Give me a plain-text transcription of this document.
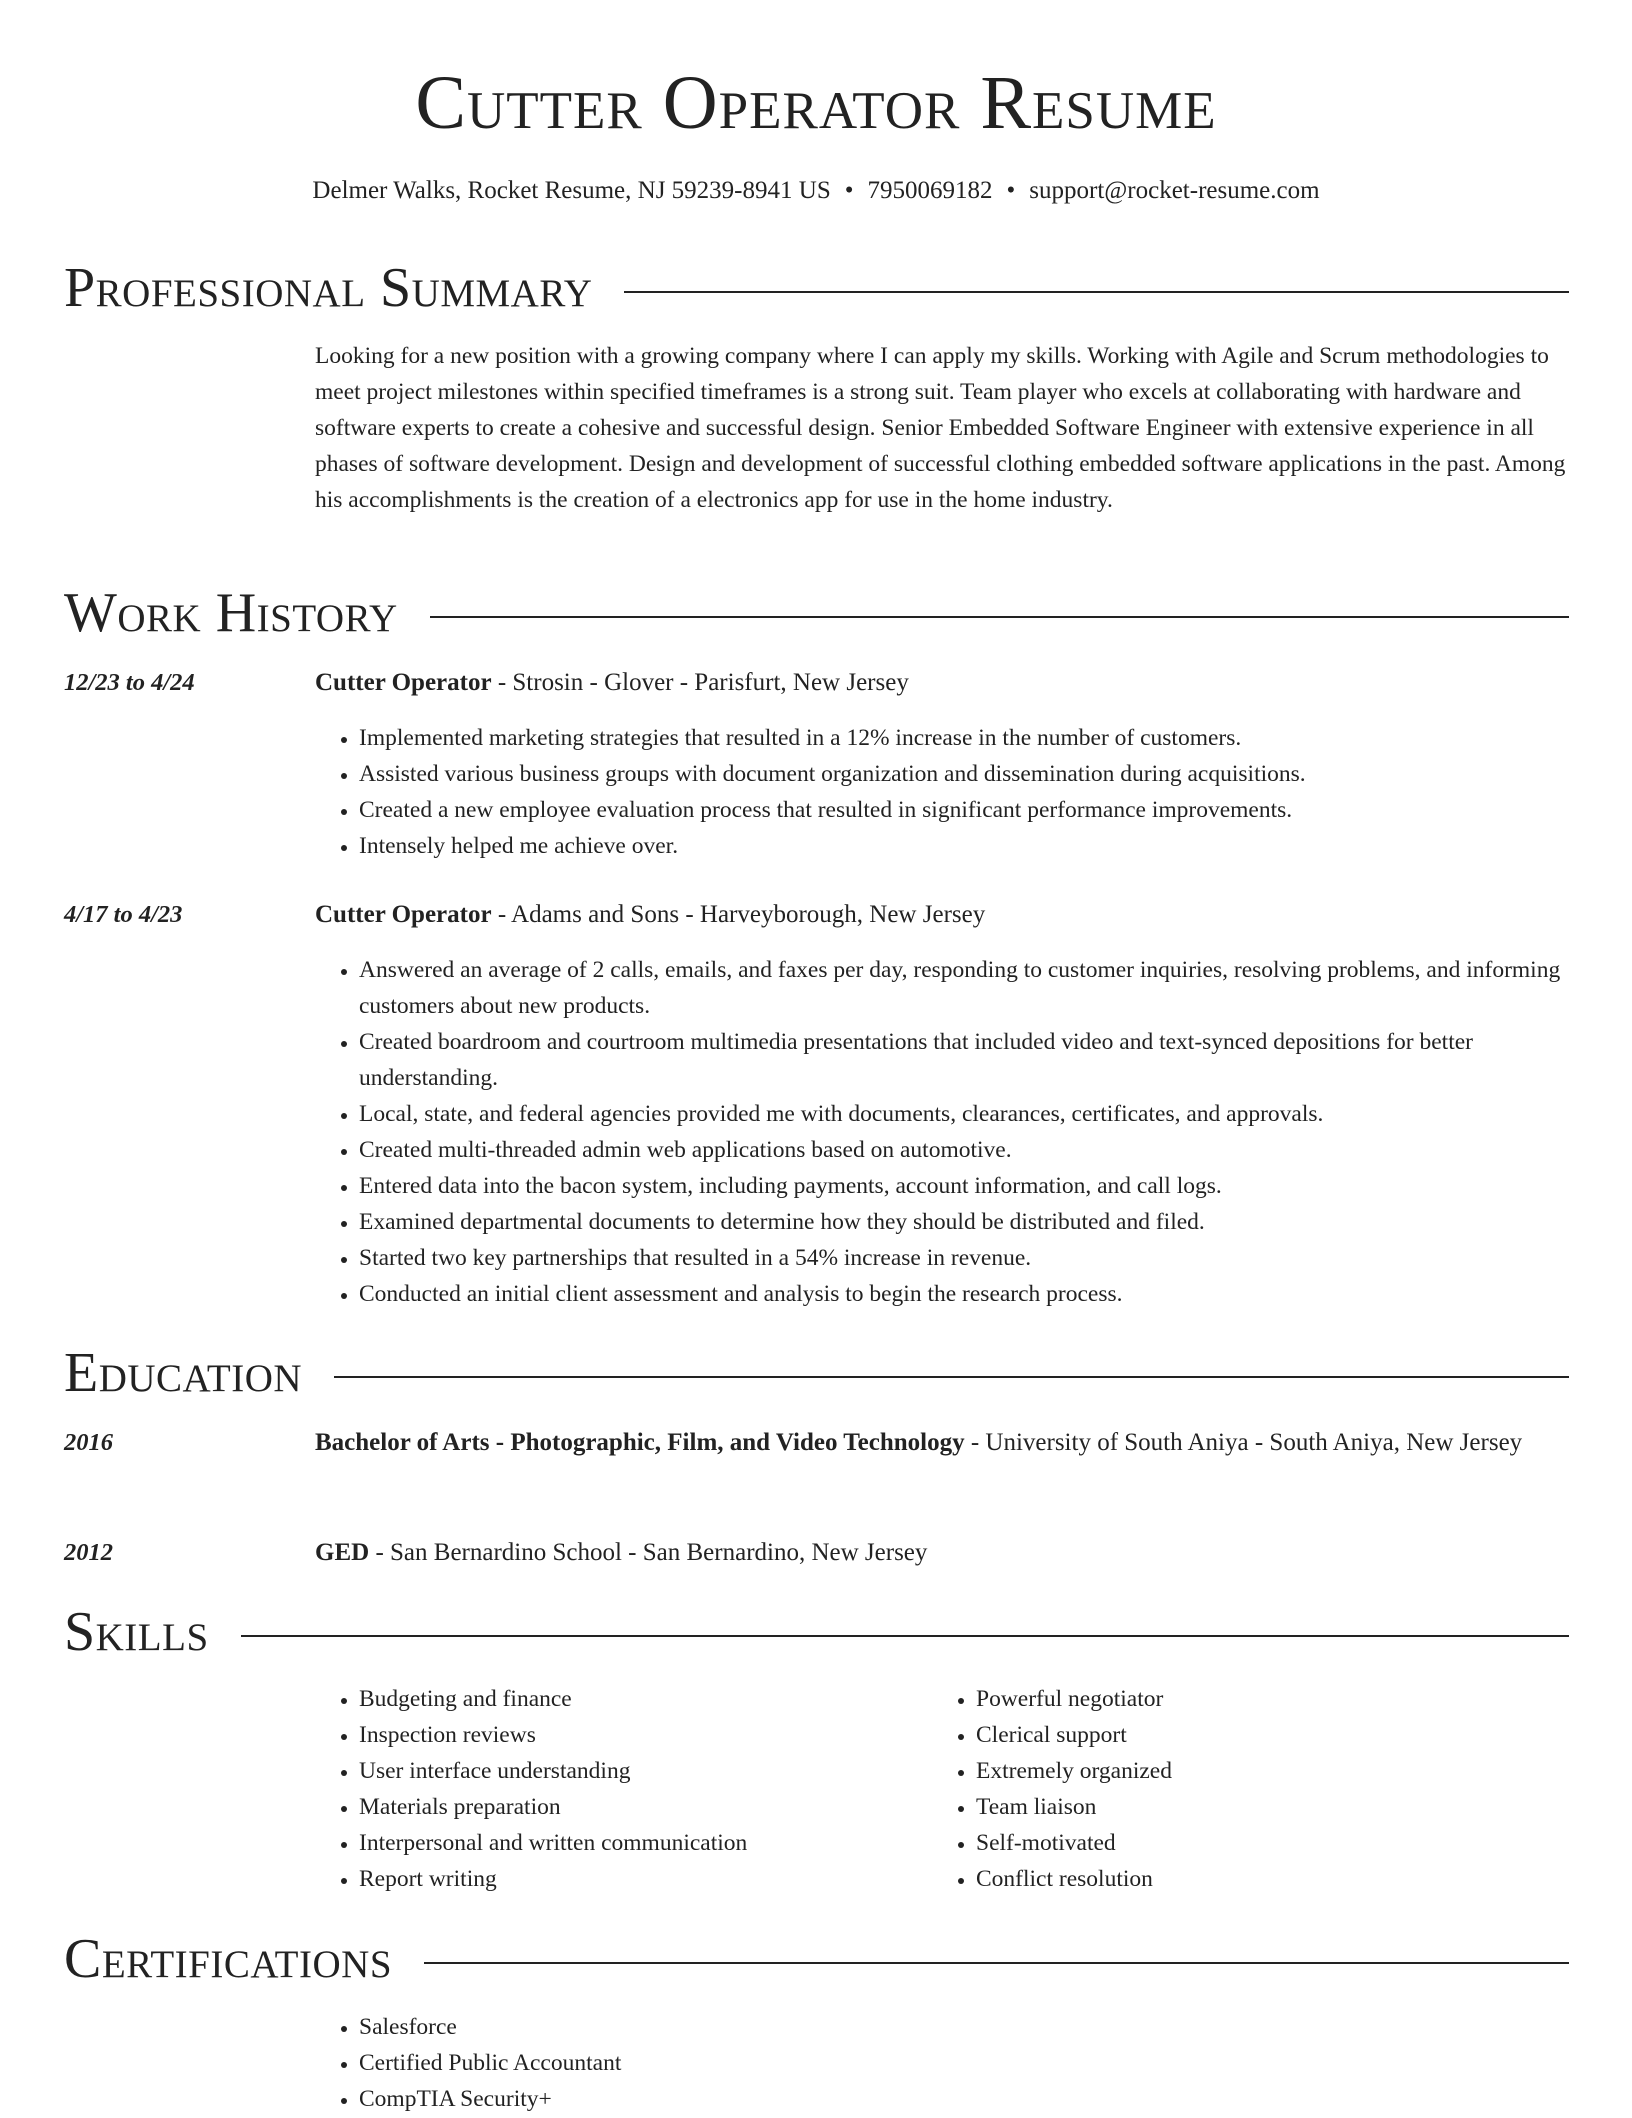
Cutter Operator Resume
Delmer Walks, Rocket Resume, NJ 59239-8941 US • 7950069182 • support@rocket-resume.com
Professional Summary

Looking for a new position with a growing company where I can apply my skills. Working with Agile and Scrum methodologies to meet project milestones within specified timeframes is a strong suit. Team player who excels at collaborating with hardware and software experts to create a cohesive and successful design. Senior Embedded Software Engineer with extensive experience in all phases of software development. Design and development of successful clothing embedded software applications in the past. Among his accomplishments is the creation of a electronics app for use in the home industry.

Work History
12/23 to 4/24	Cutter Operator - Strosin - Glover - Parisfurt, New Jersey
• Implemented marketing strategies that resulted in a 12% increase in the number of customers.
• Assisted various business groups with document organization and dissemination during acquisitions.
• Created a new employee evaluation process that resulted in significant performance improvements.
• Intensely helped me achieve over.
4/17 to 4/23	Cutter Operator - Adams and Sons - Harveyborough, New Jersey
• Answered an average of 2 calls, emails, and faxes per day, responding to customer inquiries, resolving problems, and informing customers about new products.
• Created boardroom and courtroom multimedia presentations that included video and text-synced depositions for better understanding.
• Local, state, and federal agencies provided me with documents, clearances, certificates, and approvals.
• Created multi-threaded admin web applications based on automotive.
• Entered data into the bacon system, including payments, account information, and call logs.
• Examined departmental documents to determine how they should be distributed and filed.
• Started two key partnerships that resulted in a 54% increase in revenue.
• Conducted an initial client assessment and analysis to begin the research process.
Education
2016	Bachelor of Arts - Photographic, Film, and Video Technology - University of South Aniya - South Aniya, New Jersey
2012	GED - San Bernardino School - San Bernardino, New Jersey
Skills
• Budgeting and finance
• Inspection reviews
• User interface understanding
• Materials preparation
• Interpersonal and written communication
• Report writing
• Powerful negotiator
• Clerical support
• Extremely organized
• Team liaison
• Self-motivated
• Conflict resolution
Certifications
• Salesforce
• Certified Public Accountant
• CompTIA Security+
